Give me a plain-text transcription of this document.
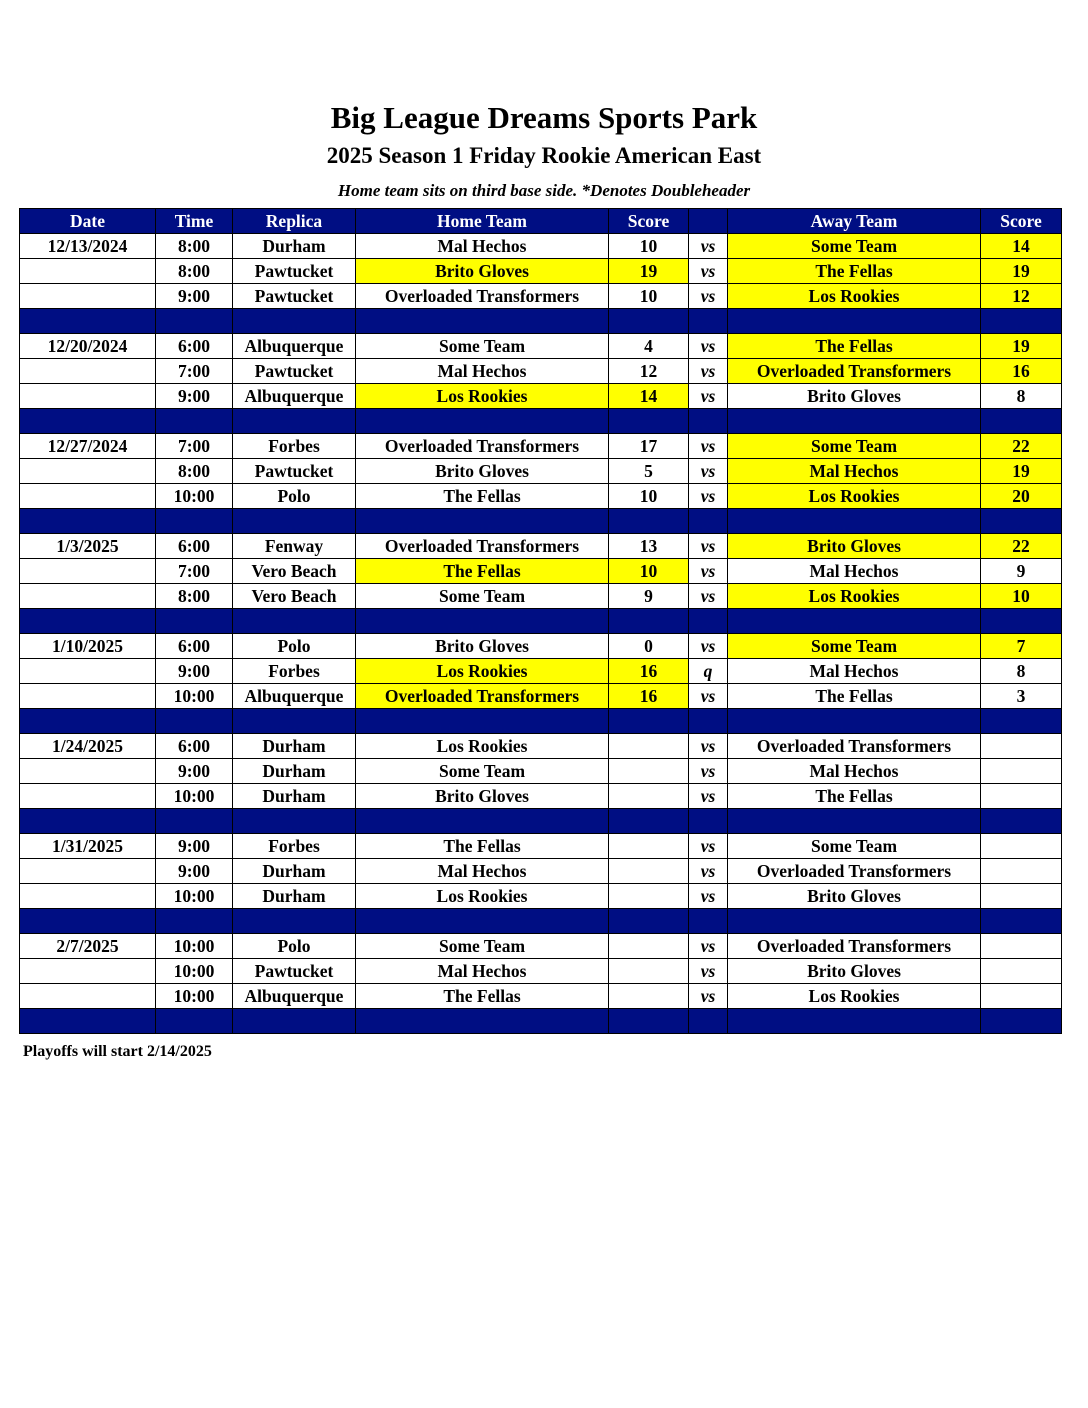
Big League Dreams Sports Park
2025 Season 1 Friday Rookie American East
Home team sits on third base side. *Denotes Doubleheader
Date	Time	Replica	Home Team	Score		Away Team	Score
12/13/2024	8:00	Durham	Mal Hechos	10	vs	Some Team	14
	8:00	Pawtucket	Brito Gloves	19	vs	The Fellas	19
	9:00	Pawtucket	Overloaded Transformers	10	vs	Los Rookies	12

12/20/2024	6:00	Albuquerque	Some Team	4	vs	The Fellas	19
	7:00	Pawtucket	Mal Hechos	12	vs	Overloaded Transformers	16
	9:00	Albuquerque	Los Rookies	14	vs	Brito Gloves	8

12/27/2024	7:00	Forbes	Overloaded Transformers	17	vs	Some Team	22
	8:00	Pawtucket	Brito Gloves	5	vs	Mal Hechos	19
	10:00	Polo	The Fellas	10	vs	Los Rookies	20

1/3/2025	6:00	Fenway	Overloaded Transformers	13	vs	Brito Gloves	22
	7:00	Vero Beach	The Fellas	10	vs	Mal Hechos	9
	8:00	Vero Beach	Some Team	9	vs	Los Rookies	10

1/10/2025	6:00	Polo	Brito Gloves	0	vs	Some Team	7
	9:00	Forbes	Los Rookies	16	q	Mal Hechos	8
	10:00	Albuquerque	Overloaded Transformers	16	vs	The Fellas	3

1/24/2025	6:00	Durham	Los Rookies		vs	Overloaded Transformers	
	9:00	Durham	Some Team		vs	Mal Hechos	
	10:00	Durham	Brito Gloves		vs	The Fellas	

1/31/2025	9:00	Forbes	The Fellas		vs	Some Team	
	9:00	Durham	Mal Hechos		vs	Overloaded Transformers	
	10:00	Durham	Los Rookies		vs	Brito Gloves	

2/7/2025	10:00	Polo	Some Team		vs	Overloaded Transformers	
	10:00	Pawtucket	Mal Hechos		vs	Brito Gloves	
	10:00	Albuquerque	The Fellas		vs	Los Rookies	

Playoffs will start 2/14/2025
